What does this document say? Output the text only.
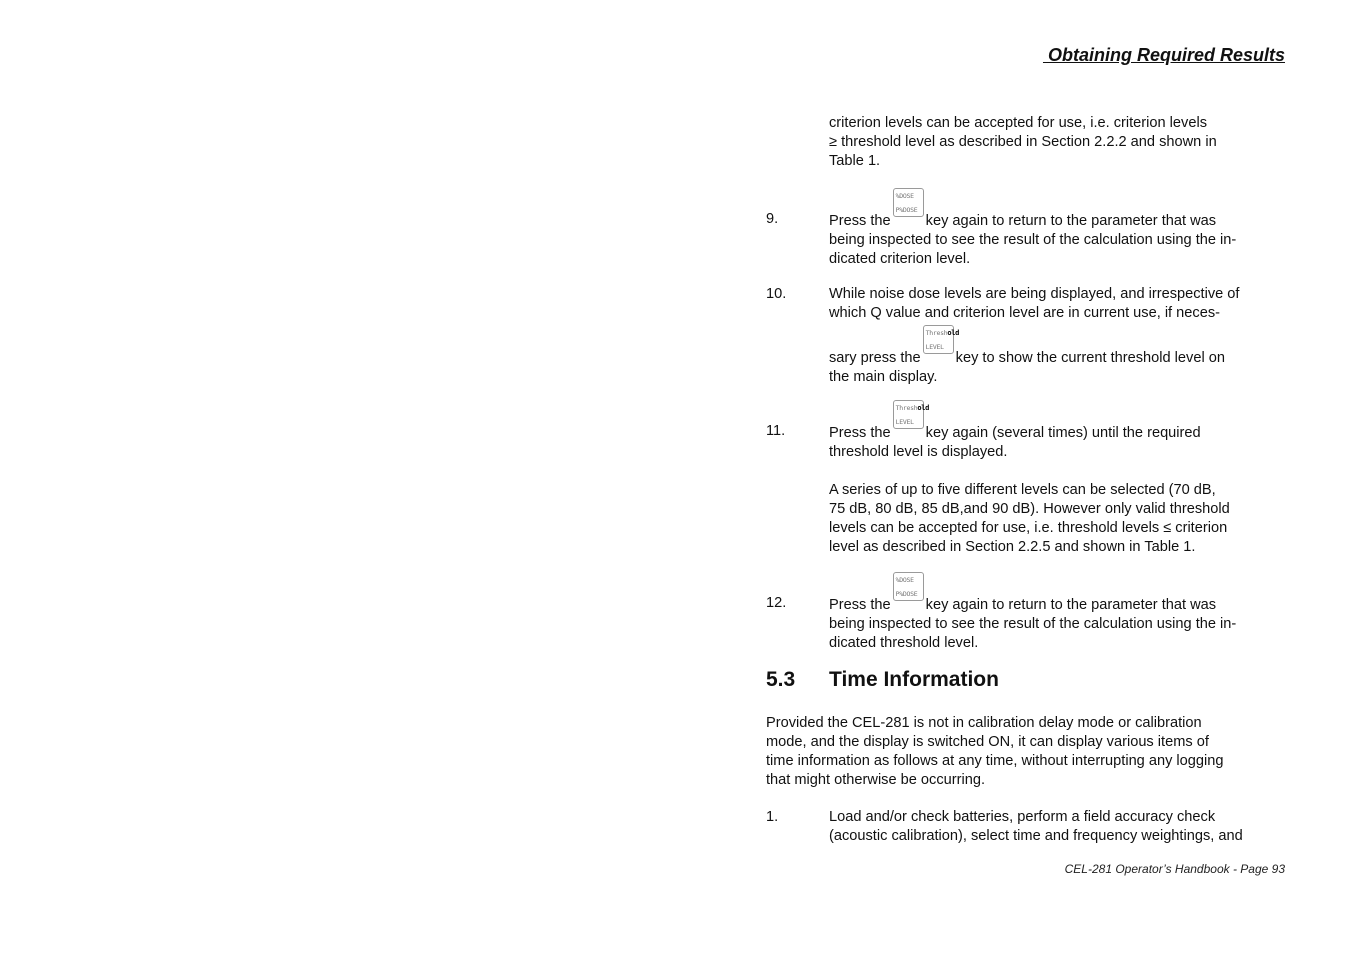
Obtaining Required Results
criterion levels can be accepted for use, i.e. criterion levels
≥ threshold level as described in Section 2.2.2 and shown in
Table 1.
9.	Press the
%DOSE
P%DOSE
key again to return to the parameter that was
being inspected to see the result of the calculation using the in-
dicated criterion level.
10.	While noise dose levels are being displayed, and irrespective of
which Q value and criterion level are in current use, if neces-
sary press the
Threshold
LEVEL
key to show the current threshold level on
the main display.
11.	Press the
Threshold
LEVEL
key again (several times) until the required
threshold level is displayed.
A series of up to five different levels can be selected (70 dB,
75 dB, 80 dB, 85 dB,and 90 dB). However only valid threshold
levels can be accepted for use, i.e. threshold levels ≤ criterion
level as described in Section 2.2.5 and shown in Table 1.
12.	Press the
%DOSE
P%DOSE
key again to return to the parameter that was
being inspected to see the result of the calculation using the in-
dicated threshold level.
5.3 Time Information
Provided the CEL-281 is not in calibration delay mode or calibration
mode, and the display is switched ON, it can display various items of
time information as follows at any time, without interrupting any logging
that might otherwise be occurring.
1.	Load and/or check batteries, perform a field accuracy check
(acoustic calibration), select time and frequency weightings, and
CEL-281 Operator’s Handbook - Page 93
